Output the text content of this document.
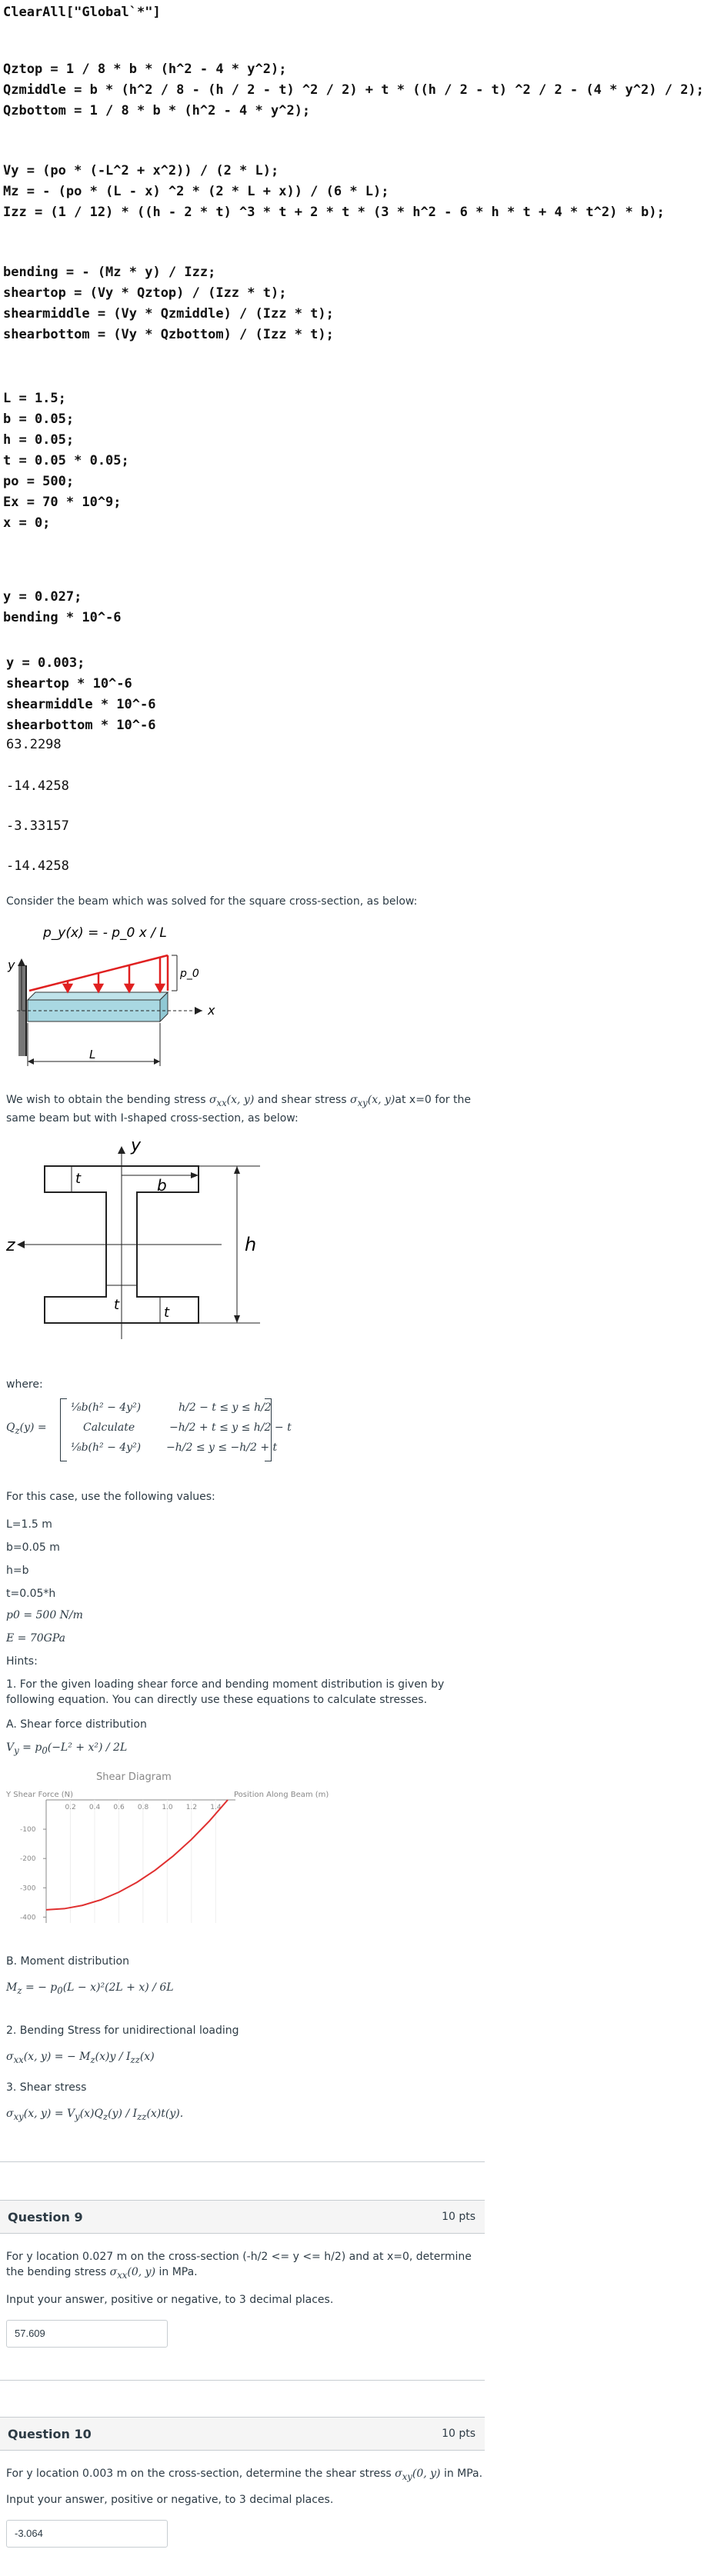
ClearAll["Global`*"]
Qztop = 1 / 8 * b * (h^2 - 4 * y^2);
Qzmiddle = b * (h^2 / 8 - (h / 2 - t) ^2 / 2) + t * ((h / 2 - t) ^2 / 2 - (4 * y^2) / 2);
Qzbottom = 1 / 8 * b * (h^2 - 4 * y^2);
Vy = (po * (-L^2 + x^2)) / (2 * L);
Mz = - (po * (L - x) ^2 * (2 * L + x)) / (6 * L);
Izz = (1 / 12) * ((h - 2 * t) ^3 * t + 2 * t * (3 * h^2 - 6 * h * t + 4 * t^2) * b);
bending = - (Mz * y) / Izz;
sheartop = (Vy * Qztop) / (Izz * t);
shearmiddle = (Vy * Qzmiddle) / (Izz * t);
shearbottom = (Vy * Qzbottom) / (Izz * t);
L = 1.5;
b = 0.05;
h = 0.05;
t = 0.05 * 0.05;
po = 500;
Ex = 70 * 10^9;
x = 0;
y = 0.027;
bending * 10^-6
y = 0.003;
sheartop * 10^-6
shearmiddle * 10^-6
shearbottom * 10^-6
63.2298
-14.4258
-3.33157
-14.4258
Consider the beam which was solved for the square cross-section, as below:
x
y
p_0
p_y(x) = - p_0 x / L
L
We wish to obtain the bending stress $\sigma_{xx}(x$, y) and shear stress $\sigma_{xy}(x$, y)at x=0 for the same beam but with I-shaped cross-section, as below:
y
z	h
b
t
t	t
where:
$Q_z(y)$ =
⅛b(h² − 4y²)	h/2 − t ≤ y ≤ h/2
Calculate	−h/2 + t ≤ y ≤ h/2 − t
⅛b(h² − 4y²) −h/2 ≤ y ≤ −h/2 + t
For this case, use the following values:
L=1.5 m
b=0.05 m
h=b
t=0.05*h
p0 = 500 N/m
E = 70GPa
Hints:
1. For the given loading shear force and bending moment distribution is given by following equation. You can directly use these equations to calculate stresses.
A. Shear force distribution
$V_y = p_0(-L^2 + x^2) / 2L$
Shear Diagram
Y Shear Force (N)	Position Along Beam (m)
0.2 0.4 0.6 0.8 1.0 1.2 1.4
-100
-200
-300
-400
B. Moment distribution
$M_z$ = − $p_0(L - x)^2(2L + x) / 6L$
2. Bending Stress for unidirectional loading
$\sigma_{xx}(x$, y) = − $M_z(x)y / I_{zz}(x)$
3. Shear stress
$\sigma_{xy}(x$, $y) = V_y(x)Q_z(y) / I_{zz}(x)t(y)$.
Question 9	10 pts
For y location 0.027 m on the cross-section (-h/2 <= y <= h/2) and at x=0, determine the bending stress $\sigma_{xx}(0$, y) in MPa.
Input your answer, positive or negative, to 3 decimal places.
57.609
Question 10	10 pts
For y location 0.003 m on the cross-section, determine the shear stress $\sigma_{xy}(0$, y) in MPa.
Input your answer, positive or negative, to 3 decimal places.
-3.064
